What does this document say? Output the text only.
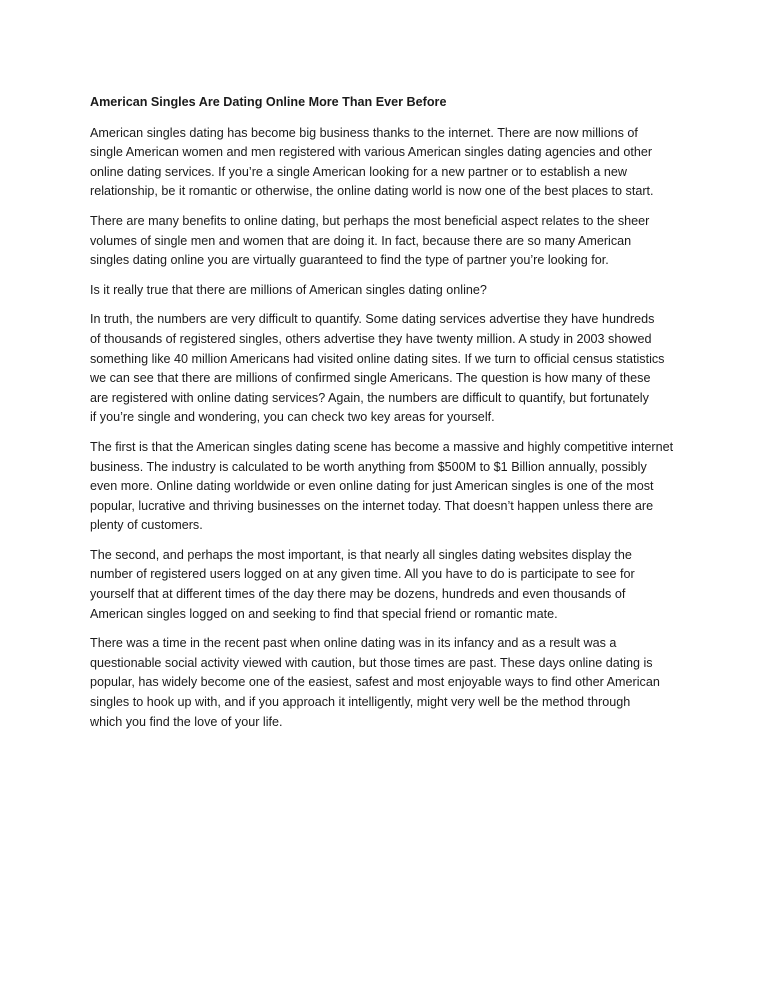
American Singles Are Dating Online More Than Ever Before
American singles dating has become big business thanks to the internet. There are now millions of
single American women and men registered with various American singles dating agencies and other
online dating services. If you’re a single American looking for a new partner or to establish a new
relationship, be it romantic or otherwise, the online dating world is now one of the best places to start.
There are many benefits to online dating, but perhaps the most beneficial aspect relates to the sheer
volumes of single men and women that are doing it. In fact, because there are so many American
singles dating online you are virtually guaranteed to find the type of partner you’re looking for.
Is it really true that there are millions of American singles dating online?
In truth, the numbers are very difficult to quantify. Some dating services advertise they have hundreds
of thousands of registered singles, others advertise they have twenty million. A study in 2003 showed
something like 40 million Americans had visited online dating sites. If we turn to official census statistics
we can see that there are millions of confirmed single Americans. The question is how many of these
are registered with online dating services? Again, the numbers are difficult to quantify, but fortunately
if you’re single and wondering, you can check two key areas for yourself.
The first is that the American singles dating scene has become a massive and highly competitive internet
business. The industry is calculated to be worth anything from $500M to $1 Billion annually, possibly
even more. Online dating worldwide or even online dating for just American singles is one of the most
popular, lucrative and thriving businesses on the internet today. That doesn’t happen unless there are
plenty of customers.
The second, and perhaps the most important, is that nearly all singles dating websites display the
number of registered users logged on at any given time. All you have to do is participate to see for
yourself that at different times of the day there may be dozens, hundreds and even thousands of
American singles logged on and seeking to find that special friend or romantic mate.
There was a time in the recent past when online dating was in its infancy and as a result was a
questionable social activity viewed with caution, but those times are past. These days online dating is
popular, has widely become one of the easiest, safest and most enjoyable ways to find other American
singles to hook up with, and if you approach it intelligently, might very well be the method through
which you find the love of your life.
